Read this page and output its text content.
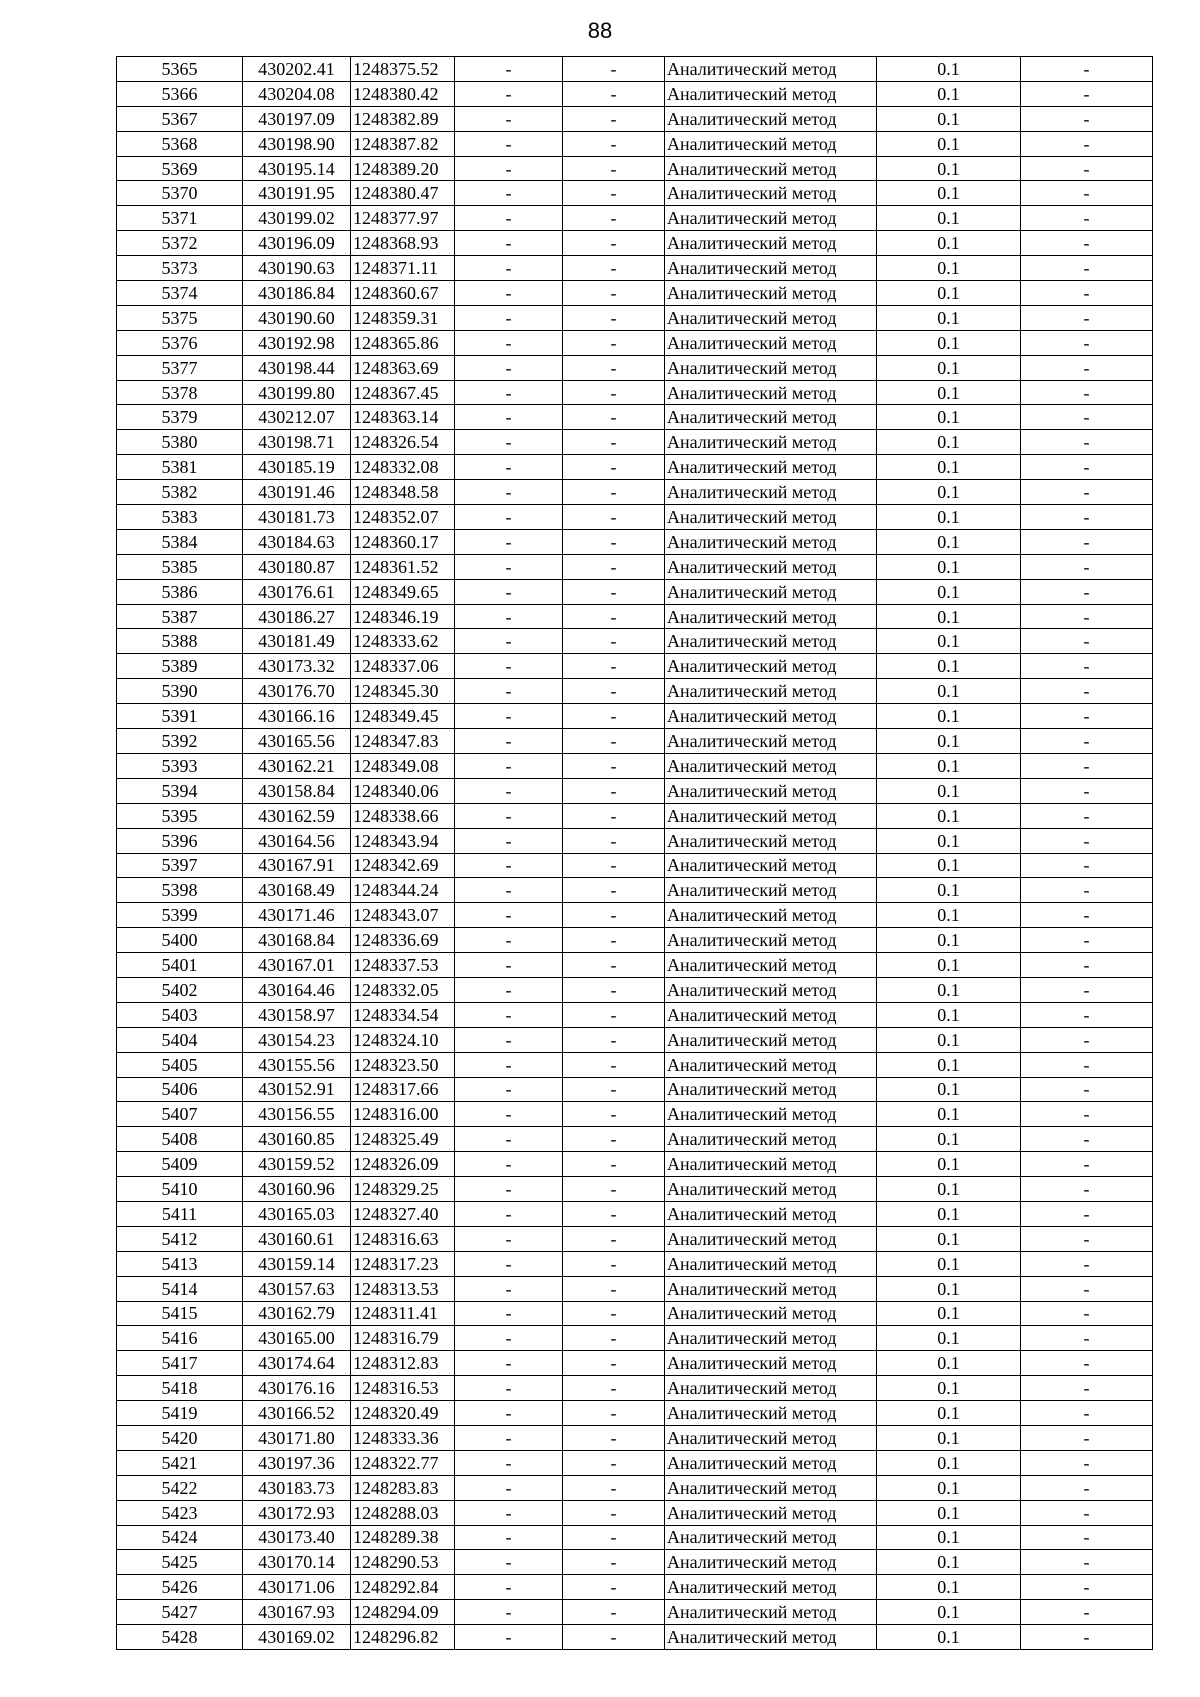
88
5365	430202.41	1248375.52	-	-	Аналитический метод	0.1	-
5366	430204.08	1248380.42	-	-	Аналитический метод	0.1	-
5367	430197.09	1248382.89	-	-	Аналитический метод	0.1	-
5368	430198.90	1248387.82	-	-	Аналитический метод	0.1	-
5369	430195.14	1248389.20	-	-	Аналитический метод	0.1	-
5370	430191.95	1248380.47	-	-	Аналитический метод	0.1	-
5371	430199.02	1248377.97	-	-	Аналитический метод	0.1	-
5372	430196.09	1248368.93	-	-	Аналитический метод	0.1	-
5373	430190.63	1248371.11	-	-	Аналитический метод	0.1	-
5374	430186.84	1248360.67	-	-	Аналитический метод	0.1	-
5375	430190.60	1248359.31	-	-	Аналитический метод	0.1	-
5376	430192.98	1248365.86	-	-	Аналитический метод	0.1	-
5377	430198.44	1248363.69	-	-	Аналитический метод	0.1	-
5378	430199.80	1248367.45	-	-	Аналитический метод	0.1	-
5379	430212.07	1248363.14	-	-	Аналитический метод	0.1	-
5380	430198.71	1248326.54	-	-	Аналитический метод	0.1	-
5381	430185.19	1248332.08	-	-	Аналитический метод	0.1	-
5382	430191.46	1248348.58	-	-	Аналитический метод	0.1	-
5383	430181.73	1248352.07	-	-	Аналитический метод	0.1	-
5384	430184.63	1248360.17	-	-	Аналитический метод	0.1	-
5385	430180.87	1248361.52	-	-	Аналитический метод	0.1	-
5386	430176.61	1248349.65	-	-	Аналитический метод	0.1	-
5387	430186.27	1248346.19	-	-	Аналитический метод	0.1	-
5388	430181.49	1248333.62	-	-	Аналитический метод	0.1	-
5389	430173.32	1248337.06	-	-	Аналитический метод	0.1	-
5390	430176.70	1248345.30	-	-	Аналитический метод	0.1	-
5391	430166.16	1248349.45	-	-	Аналитический метод	0.1	-
5392	430165.56	1248347.83	-	-	Аналитический метод	0.1	-
5393	430162.21	1248349.08	-	-	Аналитический метод	0.1	-
5394	430158.84	1248340.06	-	-	Аналитический метод	0.1	-
5395	430162.59	1248338.66	-	-	Аналитический метод	0.1	-
5396	430164.56	1248343.94	-	-	Аналитический метод	0.1	-
5397	430167.91	1248342.69	-	-	Аналитический метод	0.1	-
5398	430168.49	1248344.24	-	-	Аналитический метод	0.1	-
5399	430171.46	1248343.07	-	-	Аналитический метод	0.1	-
5400	430168.84	1248336.69	-	-	Аналитический метод	0.1	-
5401	430167.01	1248337.53	-	-	Аналитический метод	0.1	-
5402	430164.46	1248332.05	-	-	Аналитический метод	0.1	-
5403	430158.97	1248334.54	-	-	Аналитический метод	0.1	-
5404	430154.23	1248324.10	-	-	Аналитический метод	0.1	-
5405	430155.56	1248323.50	-	-	Аналитический метод	0.1	-
5406	430152.91	1248317.66	-	-	Аналитический метод	0.1	-
5407	430156.55	1248316.00	-	-	Аналитический метод	0.1	-
5408	430160.85	1248325.49	-	-	Аналитический метод	0.1	-
5409	430159.52	1248326.09	-	-	Аналитический метод	0.1	-
5410	430160.96	1248329.25	-	-	Аналитический метод	0.1	-
5411	430165.03	1248327.40	-	-	Аналитический метод	0.1	-
5412	430160.61	1248316.63	-	-	Аналитический метод	0.1	-
5413	430159.14	1248317.23	-	-	Аналитический метод	0.1	-
5414	430157.63	1248313.53	-	-	Аналитический метод	0.1	-
5415	430162.79	1248311.41	-	-	Аналитический метод	0.1	-
5416	430165.00	1248316.79	-	-	Аналитический метод	0.1	-
5417	430174.64	1248312.83	-	-	Аналитический метод	0.1	-
5418	430176.16	1248316.53	-	-	Аналитический метод	0.1	-
5419	430166.52	1248320.49	-	-	Аналитический метод	0.1	-
5420	430171.80	1248333.36	-	-	Аналитический метод	0.1	-
5421	430197.36	1248322.77	-	-	Аналитический метод	0.1	-
5422	430183.73	1248283.83	-	-	Аналитический метод	0.1	-
5423	430172.93	1248288.03	-	-	Аналитический метод	0.1	-
5424	430173.40	1248289.38	-	-	Аналитический метод	0.1	-
5425	430170.14	1248290.53	-	-	Аналитический метод	0.1	-
5426	430171.06	1248292.84	-	-	Аналитический метод	0.1	-
5427	430167.93	1248294.09	-	-	Аналитический метод	0.1	-
5428	430169.02	1248296.82	-	-	Аналитический метод	0.1	-
